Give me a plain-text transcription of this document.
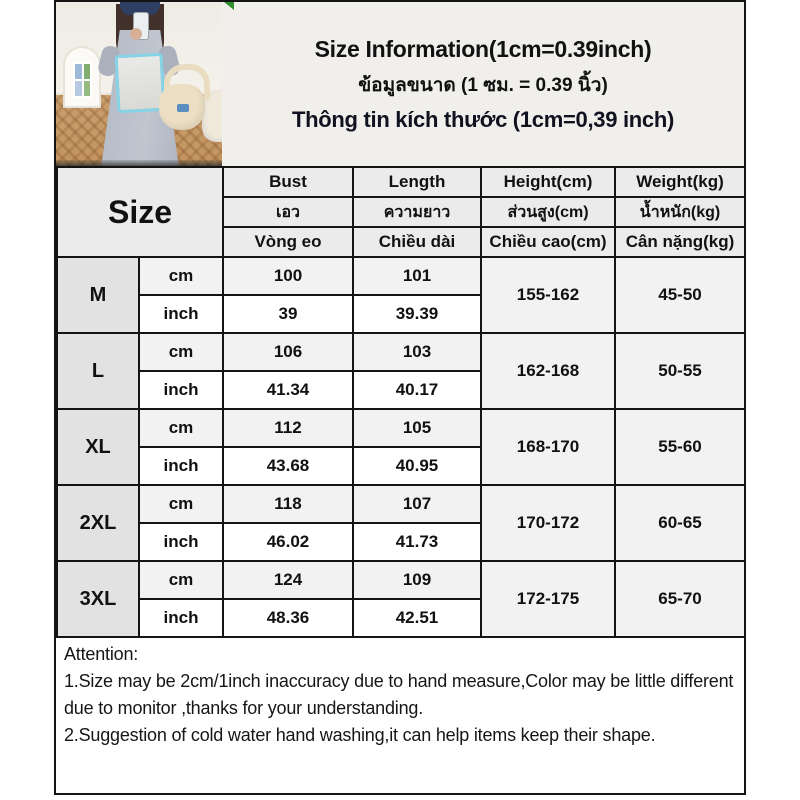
Size Information(1cm=0.39inch)
ข้อมูลขนาด (1 ซม. = 0.39 นิ้ว)
Thông tin kích thước (1cm=0,39 inch)
Size		Bust	Length	Height(cm)	Weight(kg)
		เอว	ความยาว	ส่วนสูง(cm)	น้ำหนัก(kg)
		Vòng eo	Chiều dài	Chiều cao(cm)	Cân nặng(kg)
M	cm	100	101	155-162	45-50
	inch	39	39.39		
L	cm	106	103	162-168	50-55
	inch	41.34	40.17		
XL	cm	112	105	168-170	55-60
	inch	43.68	40.95		
2XL	cm	118	107	170-172	60-65
	inch	46.02	41.73		
3XL	cm	124	109	172-175	65-70
	inch	48.36	42.51		
Attention:
1.Size may be 2cm/1inch inaccuracy due to hand measure,Color may be little different due to monitor ,thanks for your understanding.
2.Suggestion of cold water hand washing,it can help items keep their shape.
